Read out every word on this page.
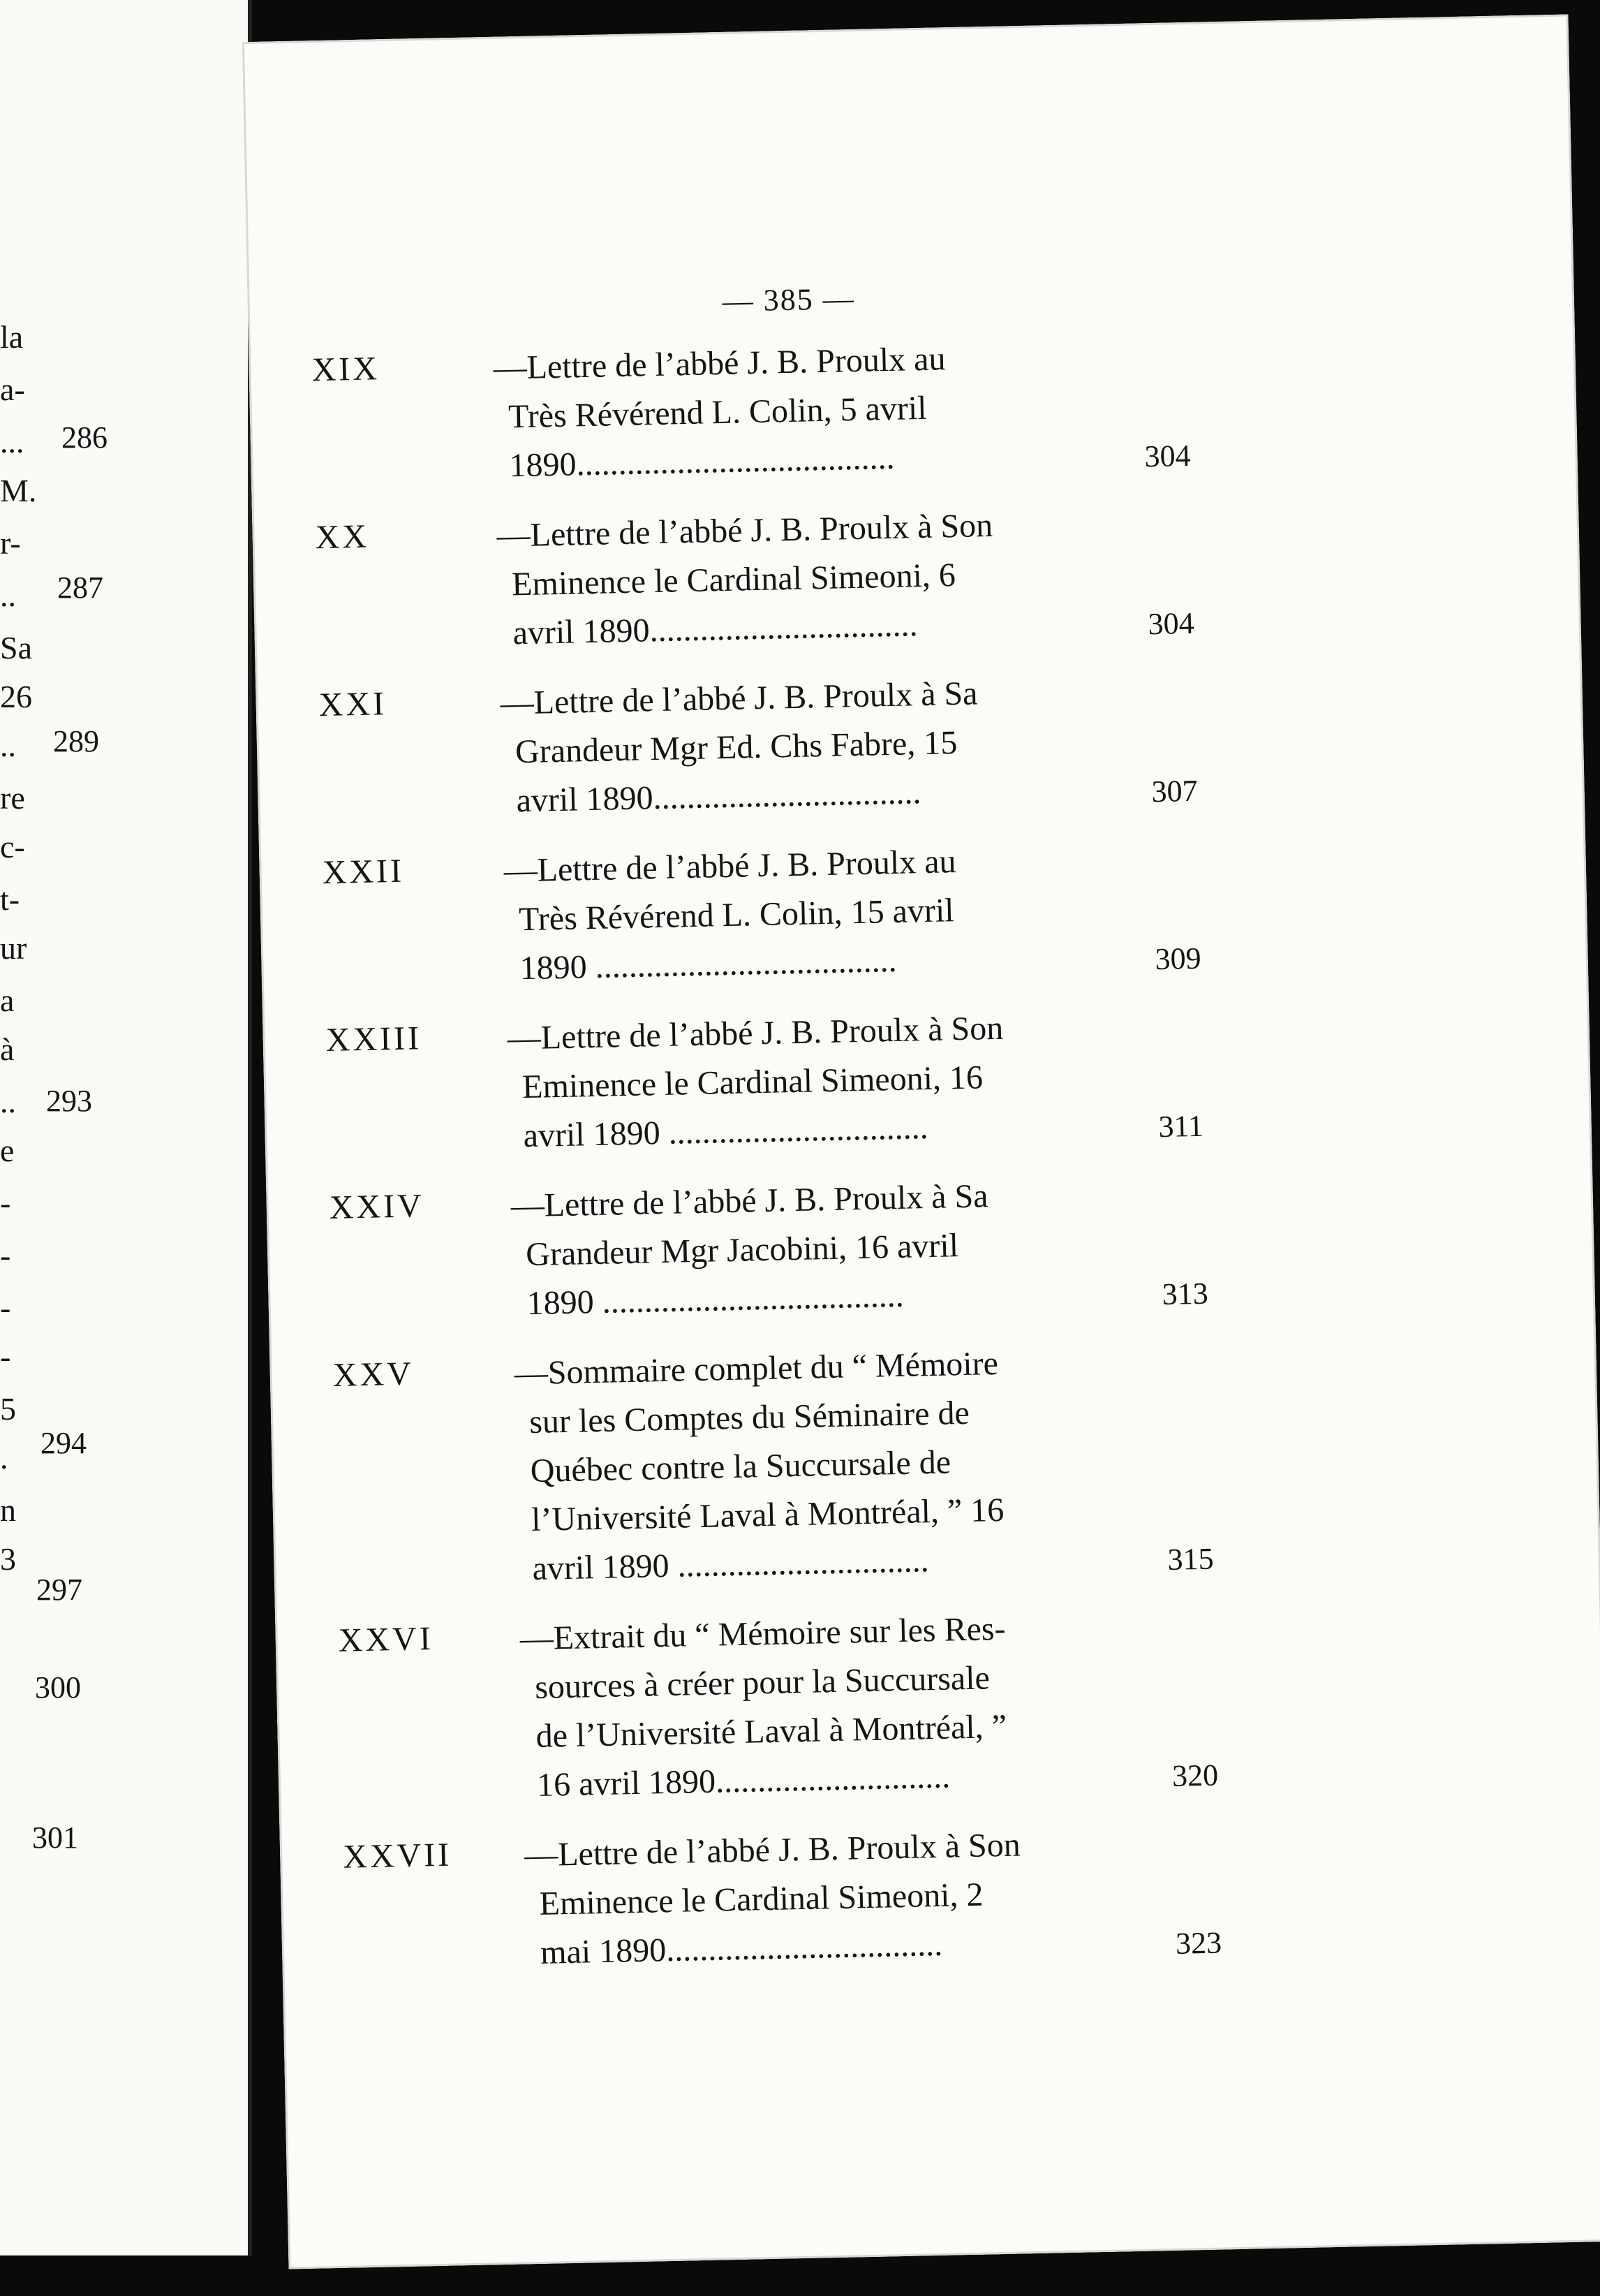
la
a-
...
M.
r-
..
Sa
26
..
re
c-
t-
ur
a
à
..
e
-
-
-
-
5
.
n
3
286
287
289
293
294
297
300
301
— 385 —
XIX	—Lettre de l’abbé J. B. Proulx au
Très Révérend L. Colin, 5 avril
1890......................................	304
XX	—Lettre de l’abbé J. B. Proulx à Son
Eminence le Cardinal Simeoni, 6
avril 1890................................	304
XXI	—Lettre de l’abbé J. B. Proulx à Sa
Grandeur Mgr Ed. Chs Fabre, 15
avril 1890................................	307
XXII	—Lettre de l’abbé J. B. Proulx au
Très Révérend L. Colin, 15 avril
1890 ....................................	309
XXIII	—Lettre de l’abbé J. B. Proulx à Son
Eminence le Cardinal Simeoni, 16
avril 1890 ...............................	311
XXIV	—Lettre de l’abbé J. B. Proulx à Sa
Grandeur Mgr Jacobini, 16 avril
1890 ....................................	313
XXV	—Sommaire complet du “ Mémoire
sur les Comptes du Séminaire de
Québec contre la Succursale de
l’Université Laval à Montréal, ” 16
avril 1890 ..............................	315
XXVI	—Extrait du “ Mémoire sur les Res-
sources à créer pour la Succursale
de l’Université Laval à Montréal, ”
16 avril 1890............................	320
XXVII —Lettre de l’abbé J. B. Proulx à Son
Eminence le Cardinal Simeoni, 2
mai 1890.................................	323
